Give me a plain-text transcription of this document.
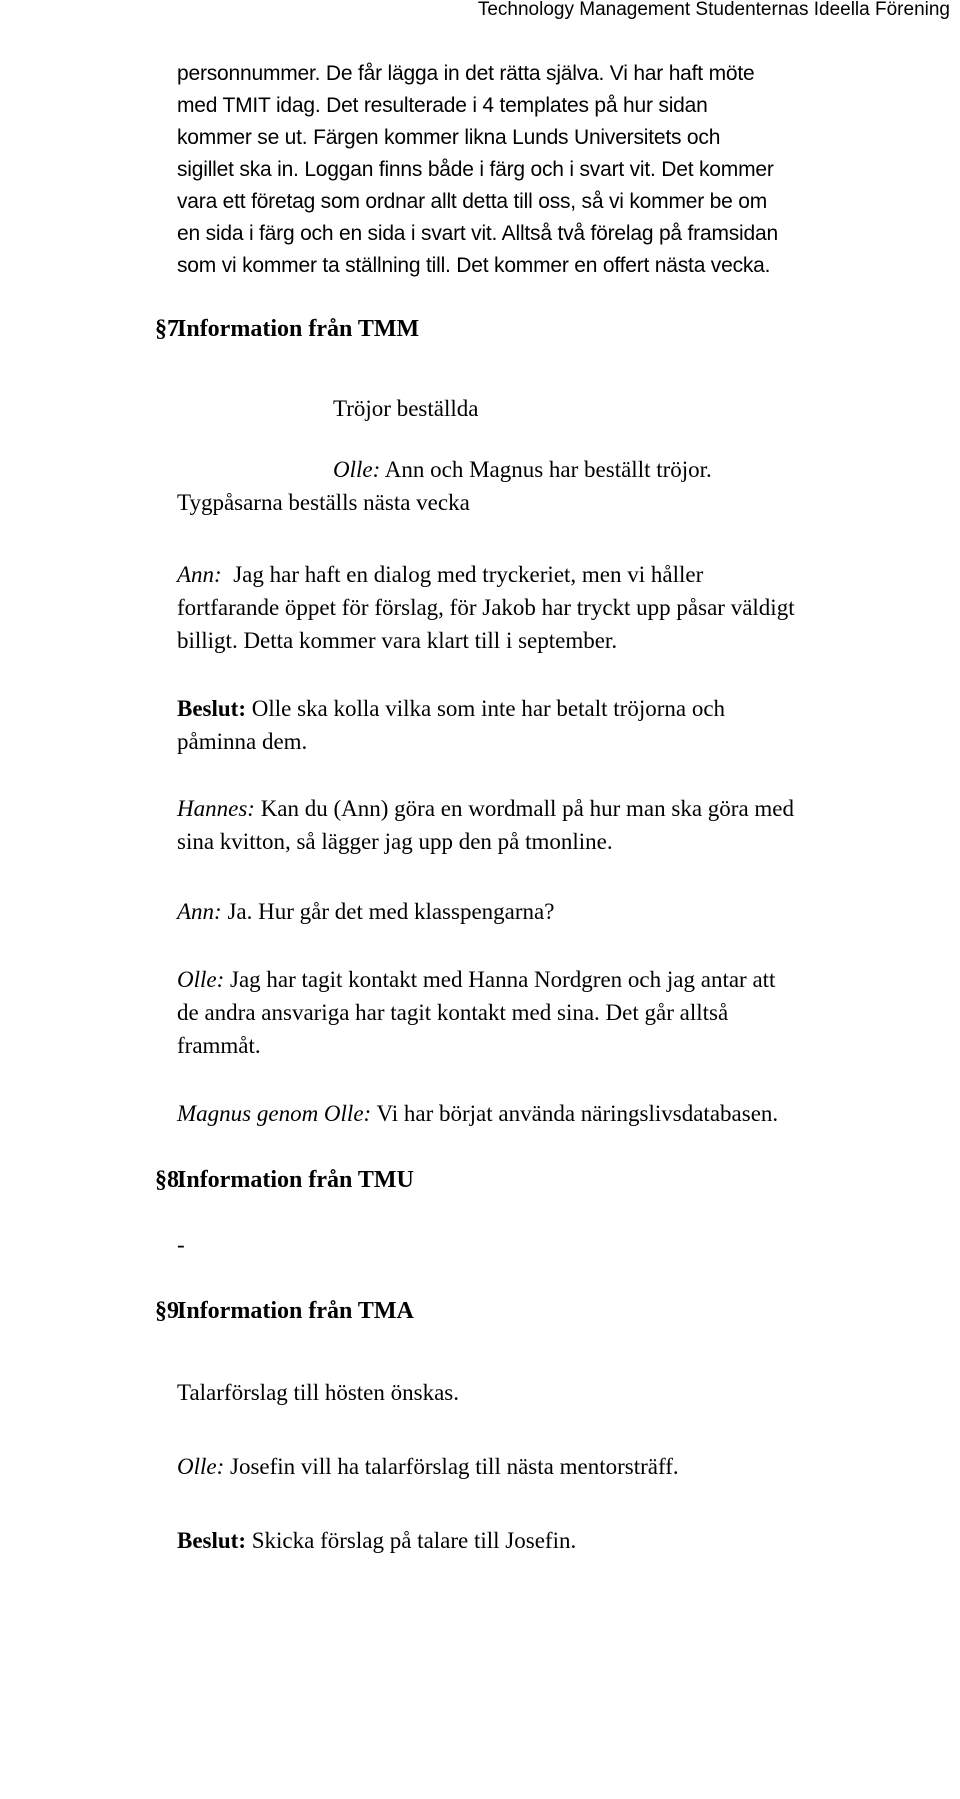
Technology Management Studenternas Ideella Förening
personnummer. De får lägga in det rätta själva. Vi har haft möte
med TMIT idag. Det resulterade i 4 templates på hur sidan
kommer se ut. Färgen kommer likna Lunds Universitets och
sigillet ska in. Loggan finns både i färg och i svart vit. Det kommer
vara ett företag som ordnar allt detta till oss, så vi kommer be om
en sida i färg och en sida i svart vit. Alltså två förelag på framsidan
som vi kommer ta ställning till. Det kommer en offert nästa vecka.
§7.
Information från TMM
Tröjor beställda
Olle: Ann och Magnus har beställt tröjor.
Tygpåsarna beställs nästa vecka
Ann:  Jag har haft en dialog med tryckeriet, men vi håller
fortfarande öppet för förslag, för Jakob har tryckt upp påsar väldigt
billigt. Detta kommer vara klart till i september.
Beslut: Olle ska kolla vilka som inte har betalt tröjorna och
påminna dem.
Hannes: Kan du (Ann) göra en wordmall på hur man ska göra med
sina kvitton, så lägger jag upp den på tmonline.
Ann: Ja. Hur går det med klasspengarna?
Olle: Jag har tagit kontakt med Hanna Nordgren och jag antar att
de andra ansvariga har tagit kontakt med sina. Det går alltså
frammåt.
Magnus genom Olle: Vi har börjat använda näringslivsdatabasen.
§8.
Information från TMU
-
§9.
Information från TMA
Talarförslag till hösten önskas.
Olle: Josefin vill ha talarförslag till nästa mentorsträff.
Beslut: Skicka förslag på talare till Josefin.
